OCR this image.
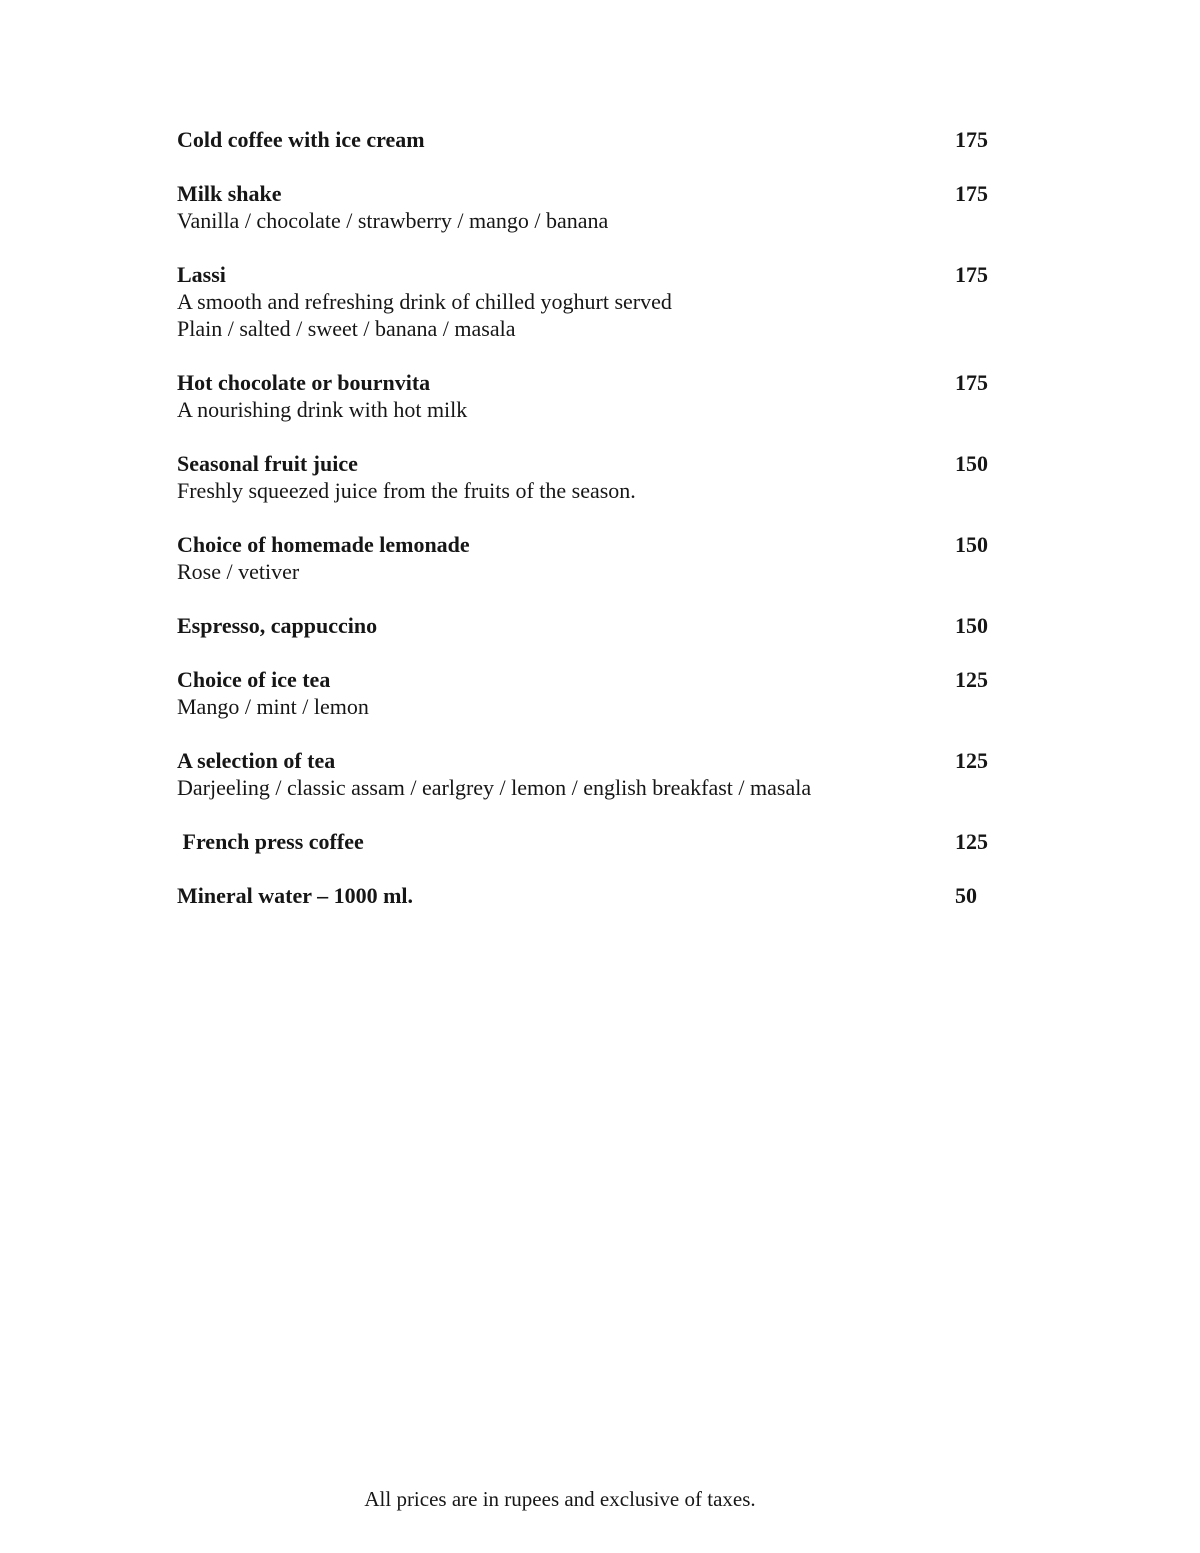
Cold coffee with ice cream	175
Milk shake	175
Vanilla / chocolate / strawberry / mango / banana
Lassi	175
A smooth and refreshing drink of chilled yoghurt served
Plain / salted / sweet / banana / masala
Hot chocolate or bournvita	175
A nourishing drink with hot milk
Seasonal fruit juice	150
Freshly squeezed juice from the fruits of the season.
Choice of homemade lemonade	150
Rose / vetiver
Espresso, cappuccino	150
Choice of ice tea	125
Mango / mint / lemon
A selection of tea	125
Darjeeling / classic assam / earlgrey / lemon / english breakfast / masala
French press coffee	125
Mineral water – 1000 ml.	50
All prices are in rupees and exclusive of taxes.
